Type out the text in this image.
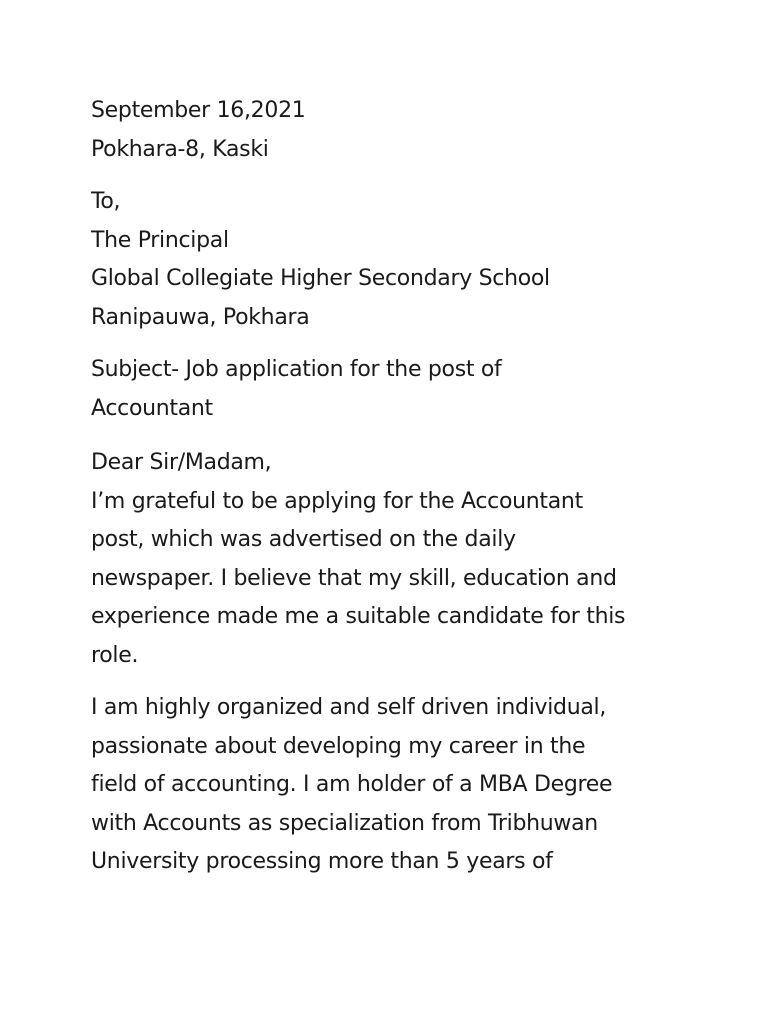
September 16,2021
Pokhara-8, Kaski
To,
The Principal
Global Collegiate Higher Secondary School
Ranipauwa, Pokhara
Subject- Job application for the post of
Accountant
Dear Sir/Madam,
I’m grateful to be applying for the Accountant
post, which was advertised on the daily
newspaper. I believe that my skill, education and
experience made me a suitable candidate for this
role.
I am highly organized and self driven individual,
passionate about developing my career in the
field of accounting. I am holder of a MBA Degree
with Accounts as specialization from Tribhuwan
University processing more than 5 years of
